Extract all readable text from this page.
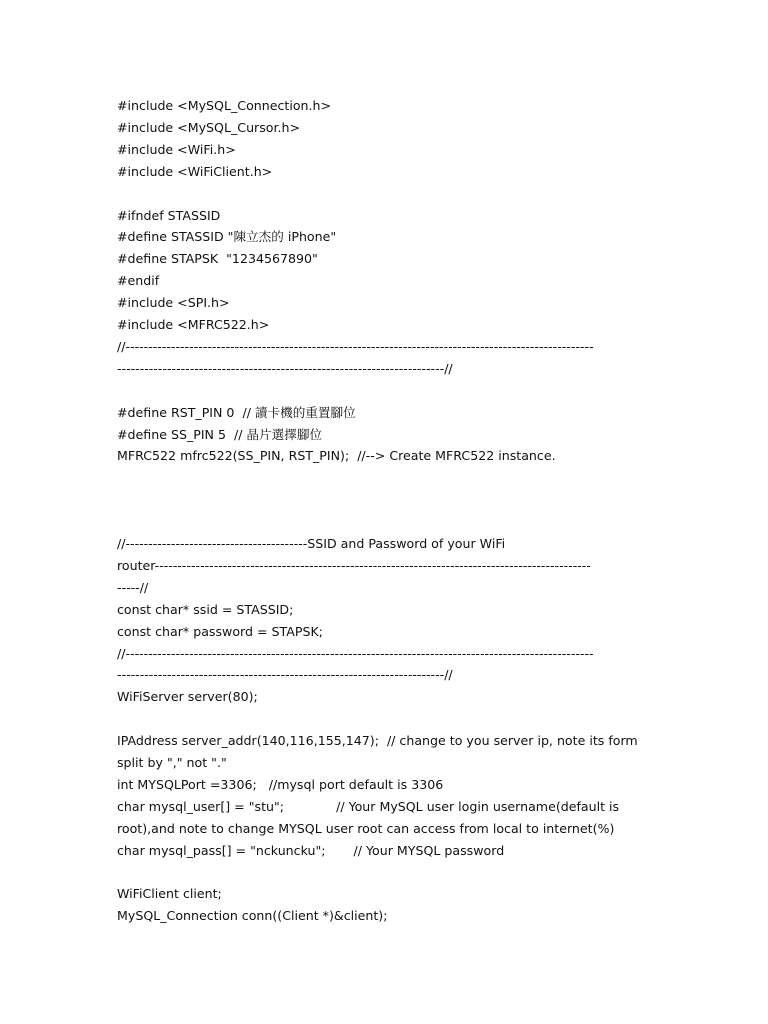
#include <MySQL_Connection.h>
#include <MySQL_Cursor.h>
#include <WiFi.h>
#include <WiFiClient.h>
#ifndef STASSID
#define STASSID "陳立杰的 iPhone"
#define STAPSK  "1234567890"
#endif
#include <SPI.h>
#include <MFRC522.h>
//-------------------------------------------------------------------------------------------------------
------------------------------------------------------------------------//
#define RST_PIN 0  // 讀卡機的重置腳位
#define SS_PIN 5  // 晶片選擇腳位
MFRC522 mfrc522(SS_PIN, RST_PIN);  //--> Create MFRC522 instance.
//----------------------------------------SSID and Password of your WiFi
router------------------------------------------------------------------------------------------------
-----//
const char* ssid = STASSID;
const char* password = STAPSK;
//-------------------------------------------------------------------------------------------------------
------------------------------------------------------------------------//
WiFiServer server(80);
IPAddress server_addr(140,116,155,147);  // change to you server ip, note its form
split by "," not "."
int MYSQLPort =3306;   //mysql port default is 3306
char mysql_user[] = "stu";             // Your MySQL user login username(default is
root),and note to change MYSQL user root can access from local to internet(%)
char mysql_pass[] = "nckuncku";       // Your MYSQL password
WiFiClient client;
MySQL_Connection conn((Client *)&client);
